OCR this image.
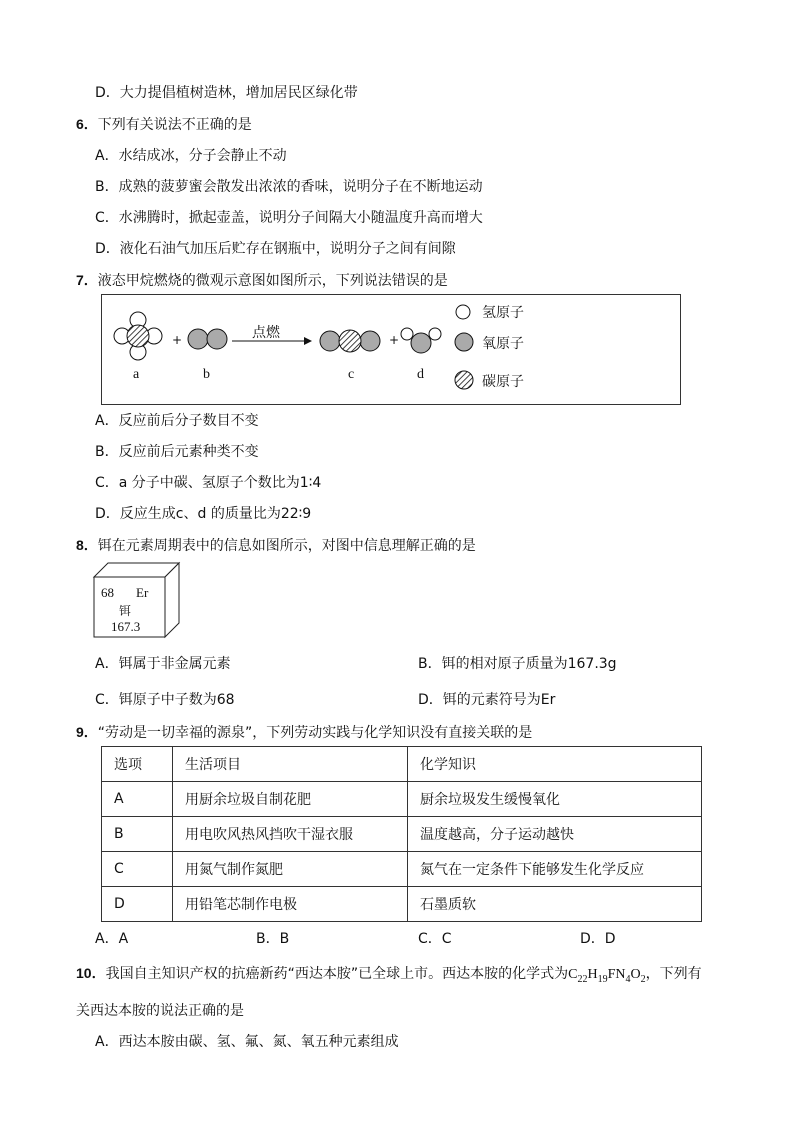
D．大力提倡植树造林，增加居民区绿化带
6．下列有关说法不正确的是
A．水结成冰，分子会静止不动
B．成熟的菠萝蜜会散发出浓浓的香味，说明分子在不断地运动
C．水沸腾时，掀起壶盖，说明分子间隔大小随温度升高而增大
D．液化石油气加压后贮存在钢瓶中，说明分子之间有间隙
7．液态甲烷燃烧的微观示意图如图所示，下列说法错误的是
a
+
b
点燃
c
+
d
氢原子
氧原子
碳原子
A．反应前后分子数目不变
B．反应前后元素种类不变
C．a 分子中碳、氢原子个数比为1∶4
D．反应生成c、d 的质量比为22∶9
8．铒在元素周期表中的信息如图所示，对图中信息理解正确的是
68 Er
铒
167.3
A．铒属于非金属元素	B．铒的相对原子质量为167.3g
C．铒原子中子数为68	D．铒的元素符号为Er
9．“劳动是一切幸福的源泉”，下列劳动实践与化学知识没有直接关联的是
选项	生活项目	化学知识
A	用厨余垃圾自制花肥	厨余垃圾发生缓慢氧化
B	用电吹风热风挡吹干湿衣服	温度越高，分子运动越快
C	用氮气制作氮肥	氮气在一定条件下能够发生化学反应
D	用铅笔芯制作电极	石墨质软
A．A	B．B	C．C	D．D
10．我国自主知识产权的抗癌新药“西达本胺”已全球上市。西达本胺的化学式为$C_{22}H_{19}FN_4O_2$，下列有
关西达本胺的说法正确的是
A．西达本胺由碳、氢、氟、氮、氧五种元素组成
